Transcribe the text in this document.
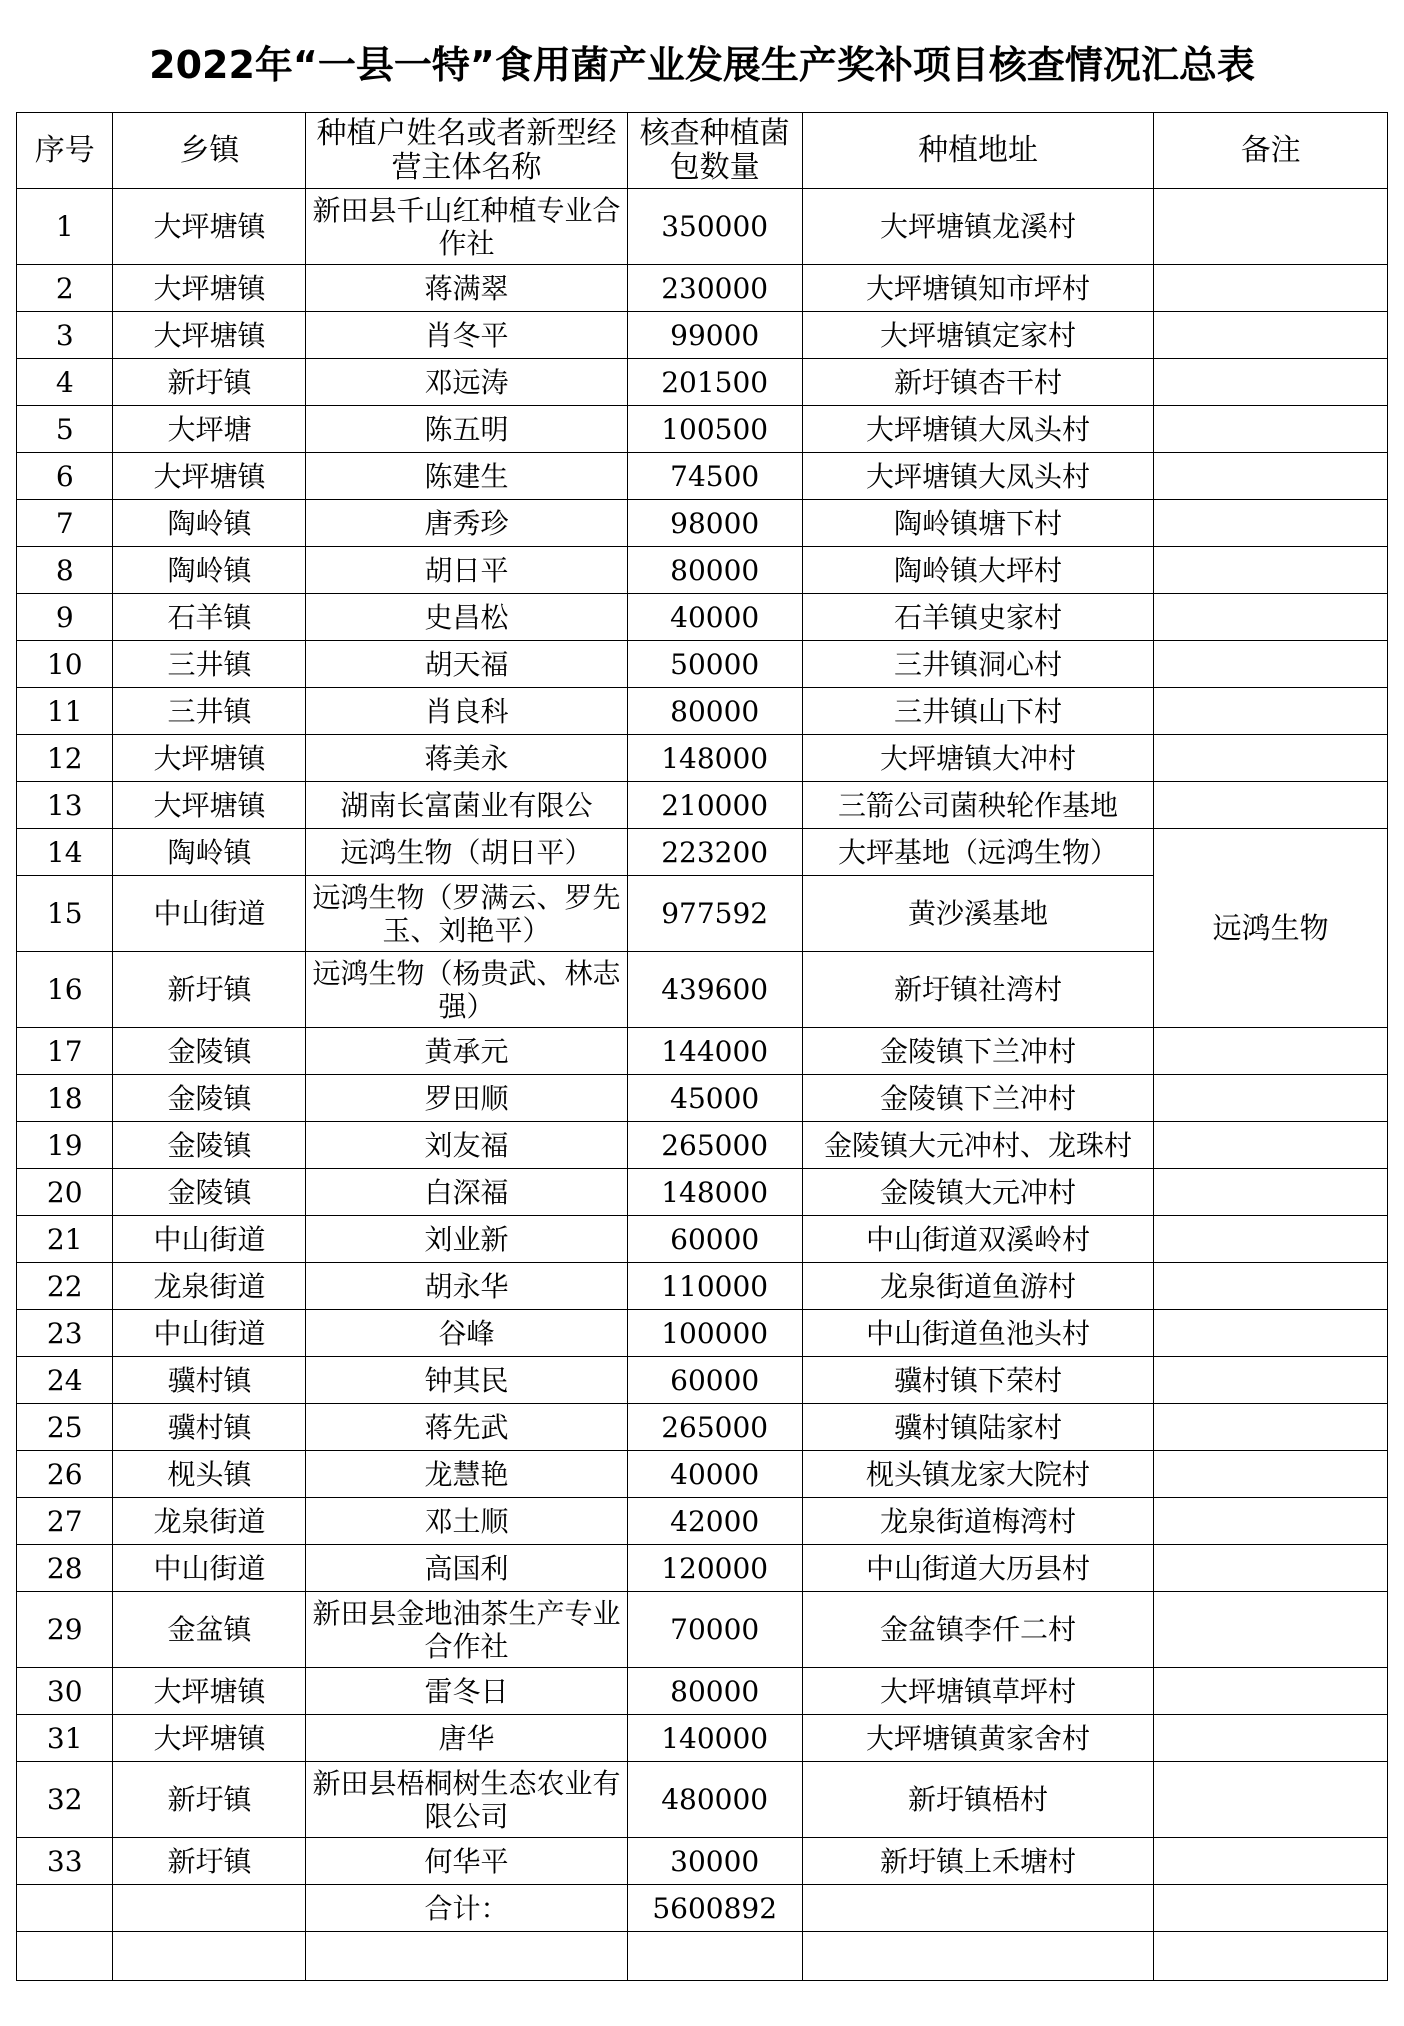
2022年“一县一特”食用菌产业发展生产奖补项目核查情况汇总表
序号	乡镇	种植户姓名或者新型经营主体名称	核查种植菌包数量	种植地址	备注
1	大坪塘镇	新田县千山红种植专业合作社	350000	大坪塘镇龙溪村	
2	大坪塘镇	蒋满翠	230000	大坪塘镇知市坪村	
3	大坪塘镇	肖冬平	99000	大坪塘镇定家村	
4	新圩镇	邓远涛	201500	新圩镇杏干村	
5	大坪塘	陈五明	100500	大坪塘镇大凤头村	
6	大坪塘镇	陈建生	74500	大坪塘镇大凤头村	
7	陶岭镇	唐秀珍	98000	陶岭镇塘下村	
8	陶岭镇	胡日平	80000	陶岭镇大坪村	
9	石羊镇	史昌松	40000	石羊镇史家村	
10	三井镇	胡天福	50000	三井镇洞心村	
11	三井镇	肖良科	80000	三井镇山下村	
12	大坪塘镇	蒋美永	148000	大坪塘镇大冲村	
13	大坪塘镇	湖南长富菌业有限公	210000	三箭公司菌秧轮作基地	
14	陶岭镇	远鸿生物（胡日平）	223200	大坪基地（远鸿生物）	远鸿生物
15	中山街道	远鸿生物（罗满云、罗先玉、刘艳平）	977592	黄沙溪基地	
16	新圩镇	远鸿生物（杨贵武、林志强）	439600	新圩镇社湾村	
17	金陵镇	黄承元	144000	金陵镇下兰冲村	
18	金陵镇	罗田顺	45000	金陵镇下兰冲村	
19	金陵镇	刘友福	265000	金陵镇大元冲村、龙珠村	
20	金陵镇	白深福	148000	金陵镇大元冲村	
21	中山街道	刘业新	60000	中山街道双溪岭村	
22	龙泉街道	胡永华	110000	龙泉街道鱼游村	
23	中山街道	谷峰	100000	中山街道鱼池头村	
24	骥村镇	钟其民	60000	骥村镇下荣村	
25	骥村镇	蒋先武	265000	骥村镇陆家村	
26	枧头镇	龙慧艳	40000	枧头镇龙家大院村	
27	龙泉街道	邓土顺	42000	龙泉街道梅湾村	
28	中山街道	高国利	120000	中山街道大历县村	
29	金盆镇	新田县金地油茶生产专业合作社	70000	金盆镇李仟二村	
30	大坪塘镇	雷冬日	80000	大坪塘镇草坪村	
31	大坪塘镇	唐华	140000	大坪塘镇黄家舍村	
32	新圩镇	新田县梧桐树生态农业有限公司	480000	新圩镇梧村	
33	新圩镇	何华平	30000	新圩镇上禾塘村	
		合计：	5600892		
